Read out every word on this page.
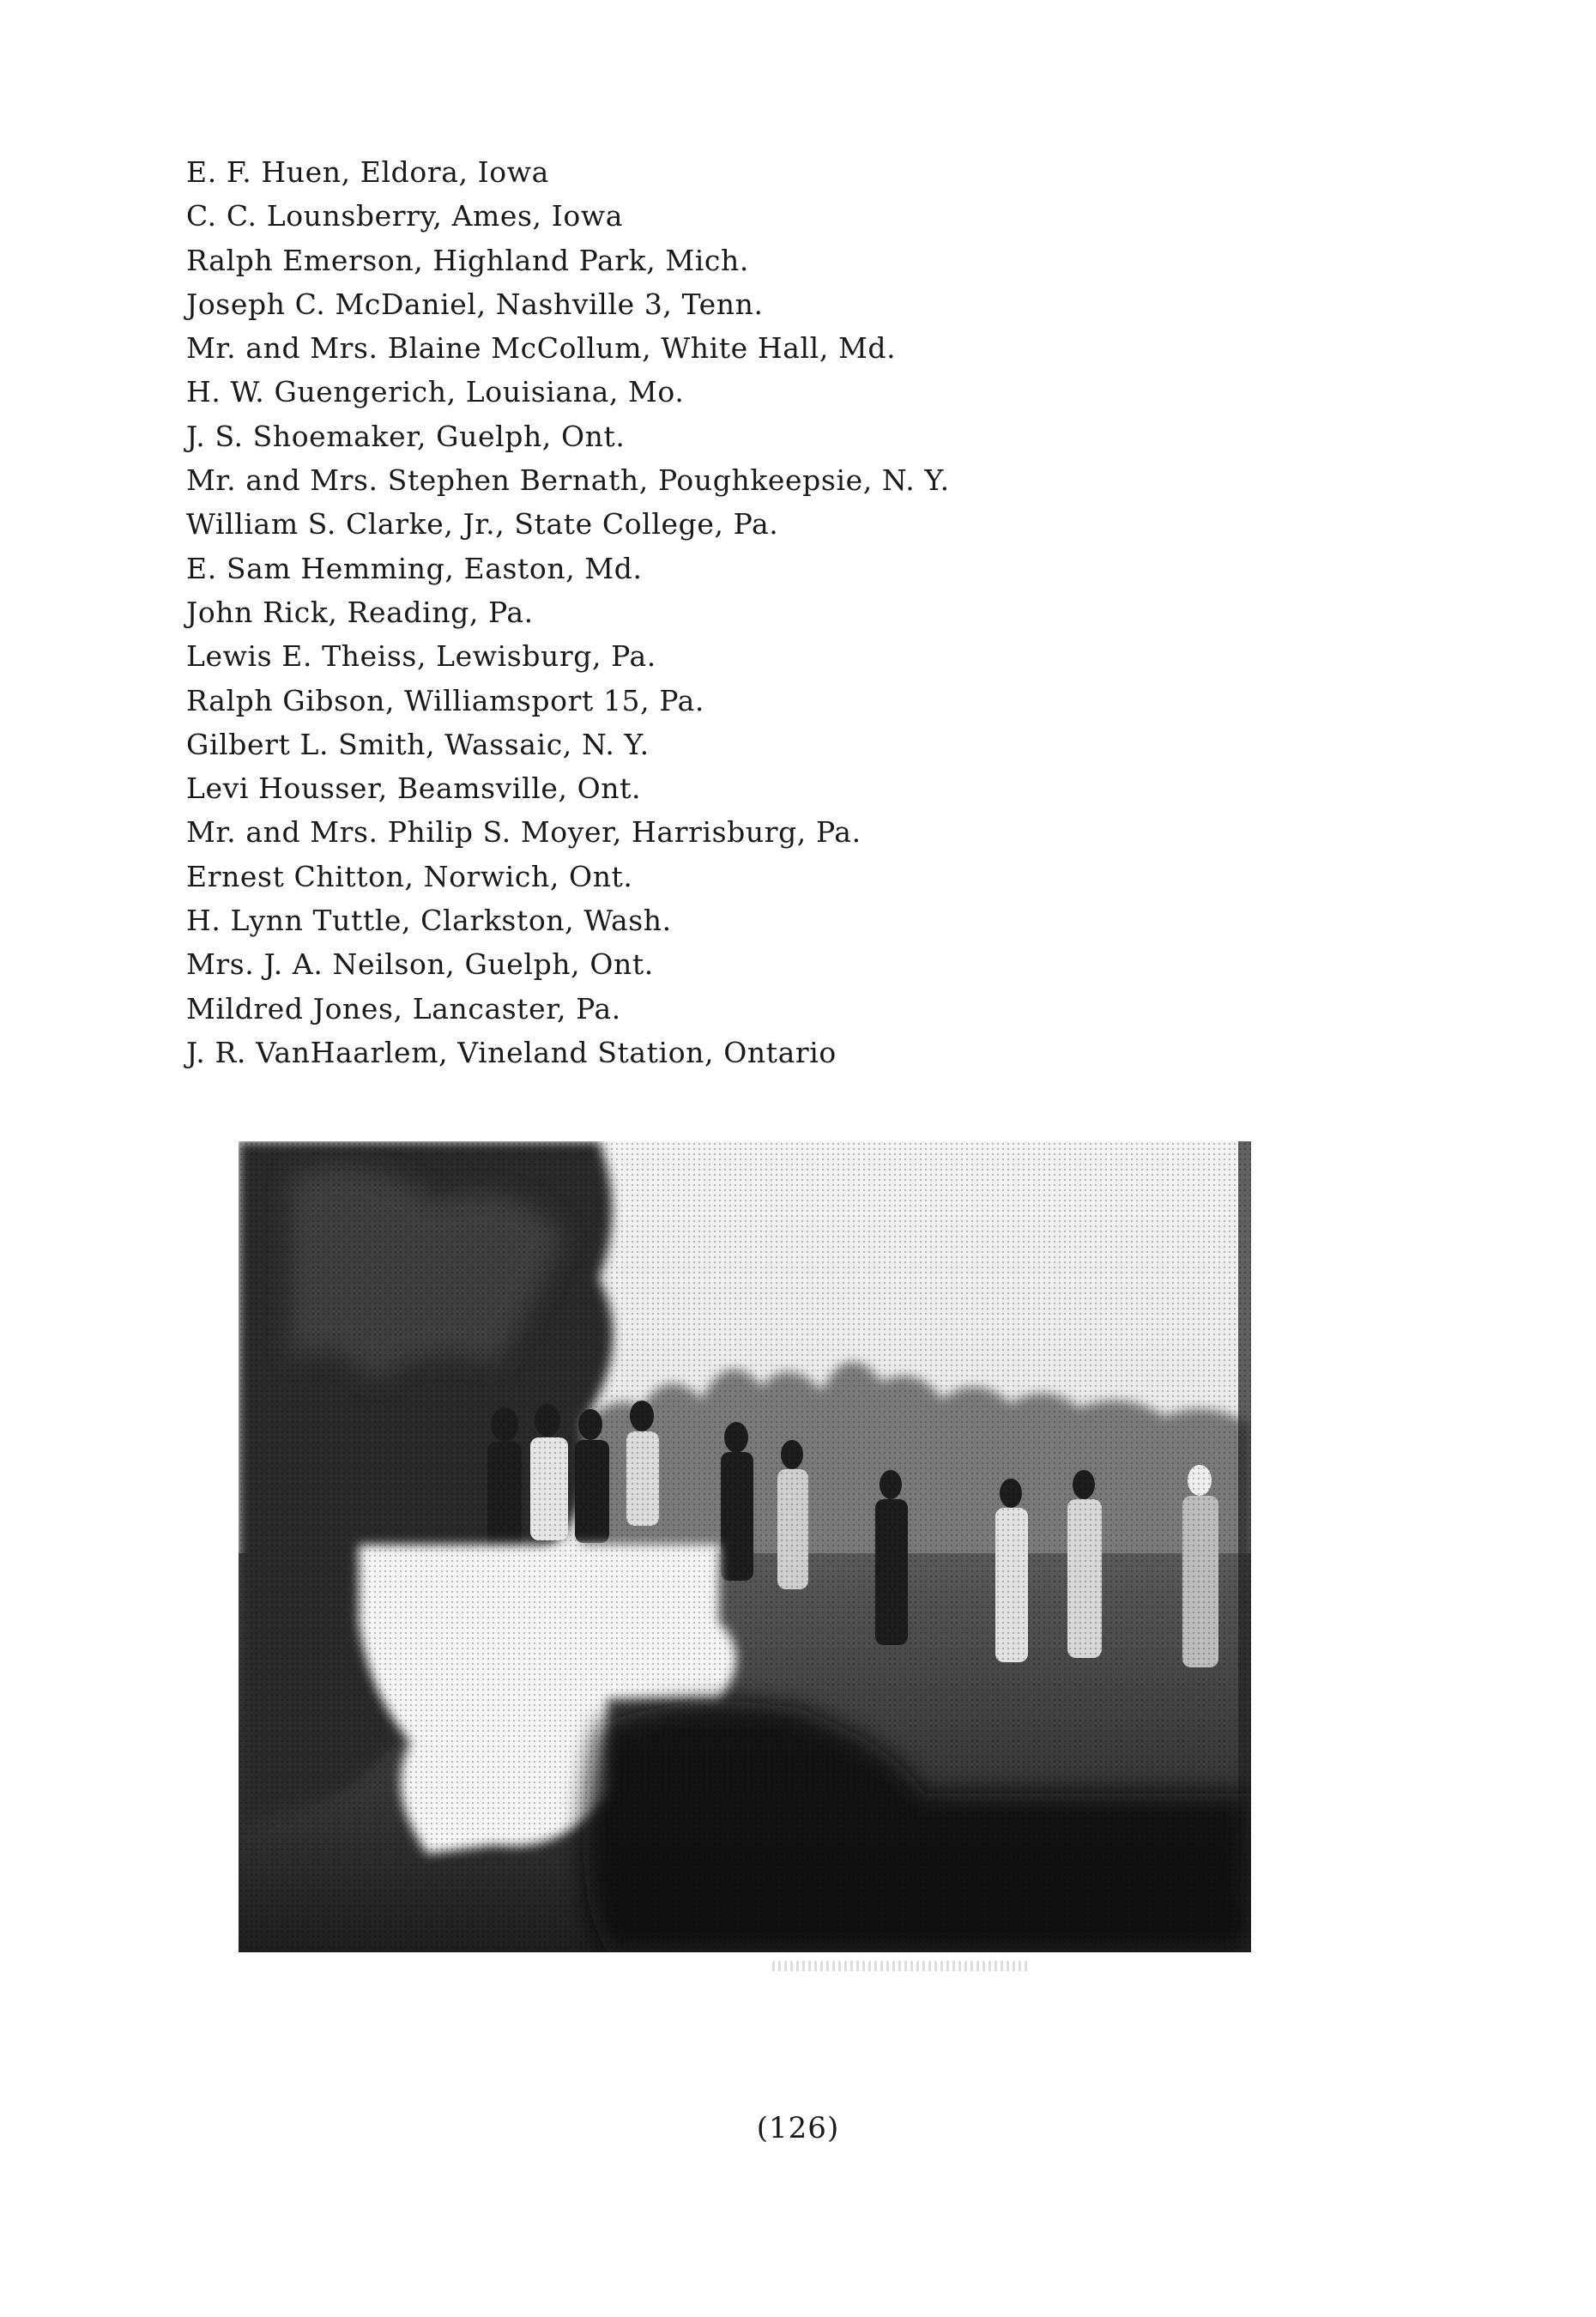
E. F. Huen, Eldora, Iowa
C. C. Lounsberry, Ames, Iowa
Ralph Emerson, Highland Park, Mich.
Joseph C. McDaniel, Nashville 3, Tenn.
Mr. and Mrs. Blaine McCollum, White Hall, Md.
H. W. Guengerich, Louisiana, Mo.
J. S. Shoemaker, Guelph, Ont.
Mr. and Mrs. Stephen Bernath, Poughkeepsie, N. Y.
William S. Clarke, Jr., State College, Pa.
E. Sam Hemming, Easton, Md.
John Rick, Reading, Pa.
Lewis E. Theiss, Lewisburg, Pa.
Ralph Gibson, Williamsport 15, Pa.
Gilbert L. Smith, Wassaic, N. Y.
Levi Housser, Beamsville, Ont.
Mr. and Mrs. Philip S. Moyer, Harrisburg, Pa.
Ernest Chitton, Norwich, Ont.
H. Lynn Tuttle, Clarkston, Wash.
Mrs. J. A. Neilson, Guelph, Ont.
Mildred Jones, Lancaster, Pa.
J. R. VanHaarlem, Vineland Station, Ontario
(126)
